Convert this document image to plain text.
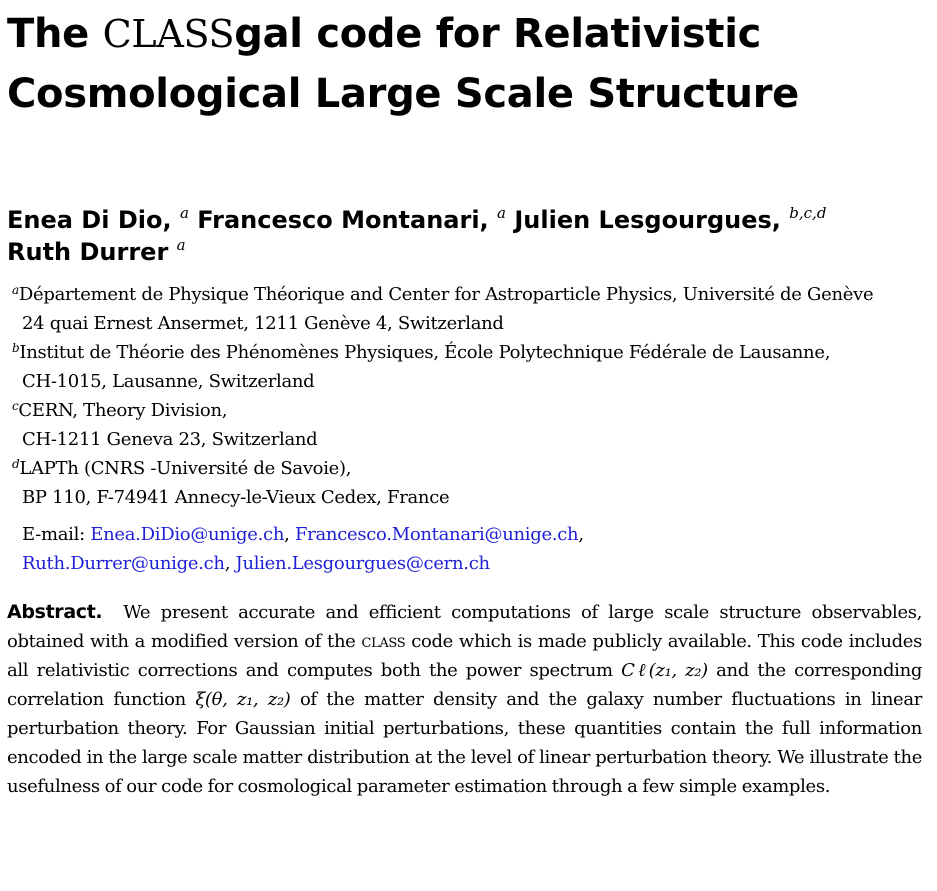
The CLASSgal code for Relativistic
Cosmological Large Scale Structure
Enea Di Dio, $^a$ Francesco Montanari, $^a$ Julien Lesgourgues, $^{b,c,d}$
Ruth Durrer $^a$
$^a$Département de Physique Théorique and Center for Astroparticle Physics, Université de Genève
24 quai Ernest Ansermet, 1211 Genève 4, Switzerland
$^b$Institut de Théorie des Phénomènes Physiques, École Polytechnique Fédérale de Lausanne,
CH-1015, Lausanne, Switzerland
$^c$CERN, Theory Division,
CH-1211 Geneva 23, Switzerland
$^d$LAPTh (CNRS -Université de Savoie),
BP 110, F-74941 Annecy-le-Vieux Cedex, France
E-mail: Enea.DiDio@unige.ch, Francesco.Montanari@unige.ch,
Ruth.Durrer@unige.ch, Julien.Lesgourgues@cern.ch
Abstract. We present accurate and efficient computations of large scale structure observables, obtained with a modified version of the class code which is made publicly available. This code includes all relativistic corrections and computes both the power spectrum Cℓ(z₁, z₂) and the corresponding correlation function ξ(θ, z₁, z₂) of the matter density and the galaxy number fluctuations in linear perturbation theory. For Gaussian initial perturbations, these quantities contain the full information encoded in the large scale matter distribution at the level of linear perturbation theory. We illustrate the usefulness of our code for cosmological parameter estimation through a few simple examples.
